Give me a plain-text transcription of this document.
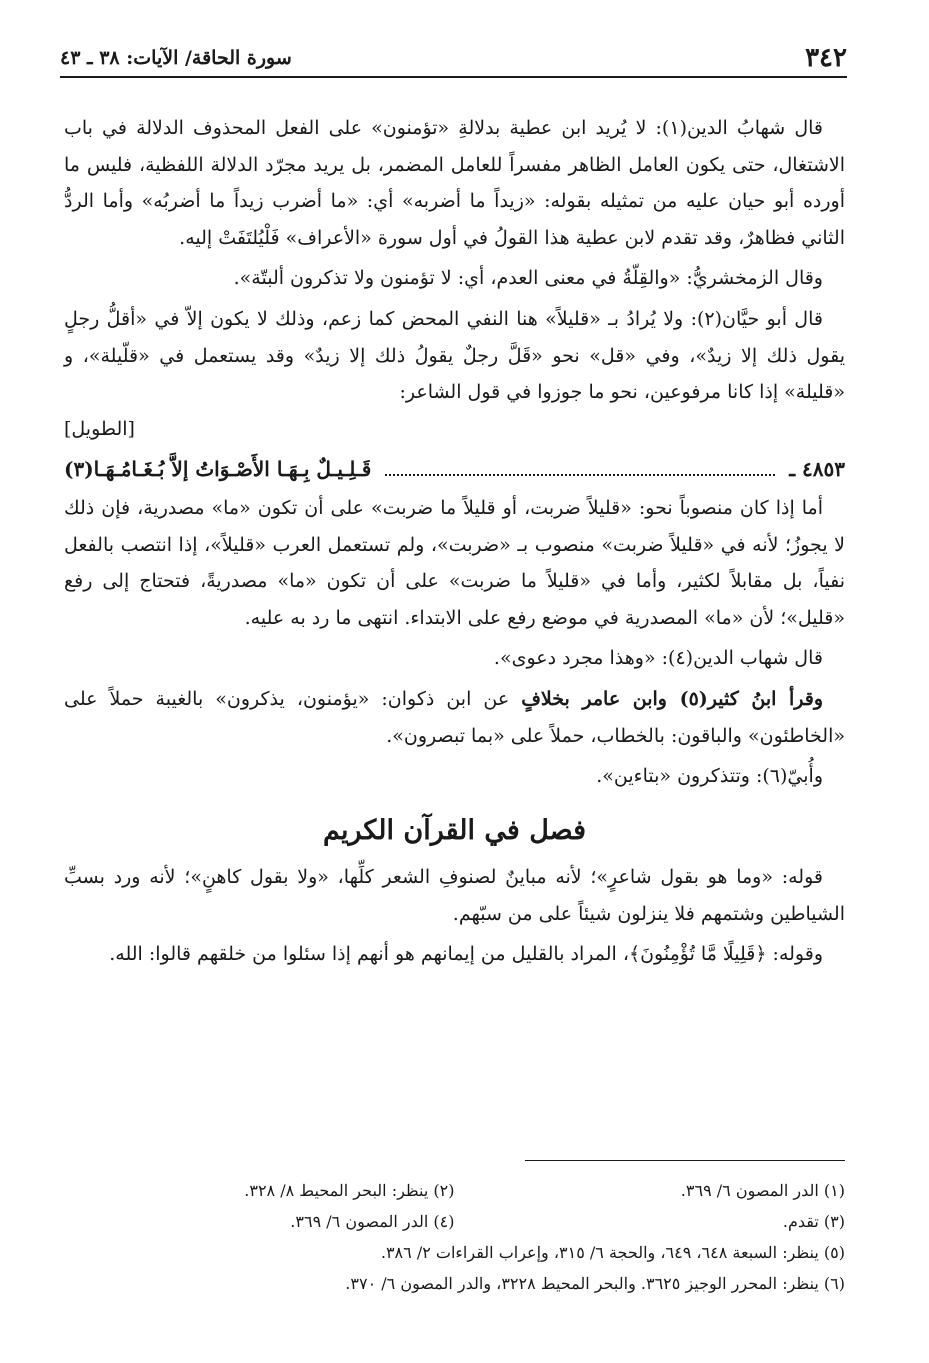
٣٤٢
سورة الحاقة/ الآيات: ٣٨ ـ ٤٣

قال شهابُ الدين(١): لا يُريد ابن عطية بدلالةِ «تؤمنون» على الفعل المحذوف الدلالة في باب الاشتغال، حتى يكون العامل الظاهر مفسراً للعامل المضمر، بل يريد مجرّد الدلالة اللفظية، فليس ما أورده أبو حيان عليه من تمثيله بقوله: «زيداً ما أضربه» أي: «ما أضرب زيداً ما أضربُه» وأما الردُّ الثاني فظاهرٌ، وقد تقدم لابن عطية هذا القولُ في أول سورة «الأعراف» فَلْيُلتَفَتْ إليه.

وقال الزمخشريُّ: «والقِلّةُ في معنى العدم، أي: لا تؤمنون ولا تذكرون ألبتّة».

قال أبو حيَّان(٢): ولا يُرادُ بـ «قليلاً» هنا النفي المحض كما زعم، وذلك لا يكون إلاّ في «أقلُّ رجلٍ يقول ذلك إلا زيدٌ»، وفي «قل» نحو «قَلَّ رجلٌ يقولُ ذلك إلا زيدٌ» وقد يستعمل في «قلّيلة»، و «قليلة» إذا كانا مرفوعين، نحو ما جوزوا في قول الشاعر:
[الطويل]

٤٨٥٣ ـ
قَـلِـيـلٌ بِـهَـا الأَصْـوَاتُ إلاَّ بُـغَـامُـهَـا(٣)

أما إذا كان منصوباً نحو: «قليلاً ضربت، أو قليلاً ما ضربت» على أن تكون «ما» مصدرية، فإن ذلك لا يجوزُ؛ لأنه في «قليلاً ضربت» منصوب بـ «ضربت»، ولم تستعمل العرب «قليلاً»، إذا انتصب بالفعل نفياً، بل مقابلاً لكثير، وأما في «قليلاً ما ضربت» على أن تكون «ما» مصدريةً، فتحتاج إلى رفع «قليل»؛ لأن «ما» المصدرية في موضع رفع على الابتداء. انتهى ما رد به عليه.

قال شهاب الدين(٤): «وهذا مجرد دعوى».

وقرأ ابنُ كثير(٥) وابن عامر بخلافٍ عن ابن ذكوان: «يؤمنون، يذكرون» بالغيبة حملاً على «الخاطئون» والباقون: بالخطاب، حملاً على «بما تبصرون».

وأُبيّ(٦): وتتذكرون «بتاءين».

فصل في القرآن الكريم

قوله: «وما هو بقول شاعرٍ»؛ لأنه مباينٌ لصنوفِ الشعر كلِّها، «ولا بقول كاهنٍ»؛ لأنه ورد بسبِّ الشياطين وشتمهم فلا ينزلون شيئاً على من سبّهم.

وقوله: ﴿قَلِيلًا مَّا تُؤْمِنُونَ﴾، المراد بالقليل من إيمانهم هو أنهم إذا سئلوا من خلقهم قالوا: الله.

(١) الدر المصون ٦/ ٣٦٩.
(٢) ينظر: البحر المحيط ٨/ ٣٢٨.
(٣) تقدم.
(٤) الدر المصون ٦/ ٣٦٩.
(٥) ينظر: السبعة ٦٤٨، ٦٤٩، والحجة ٦/ ٣١٥، وإعراب القراءات ٢/ ٣٨٦.
(٦) ينظر: المحرر الوجيز ٣٦٢٥. والبحر المحيط ٣٢٢٨، والدر المصون ٦/ ٣٧٠.
